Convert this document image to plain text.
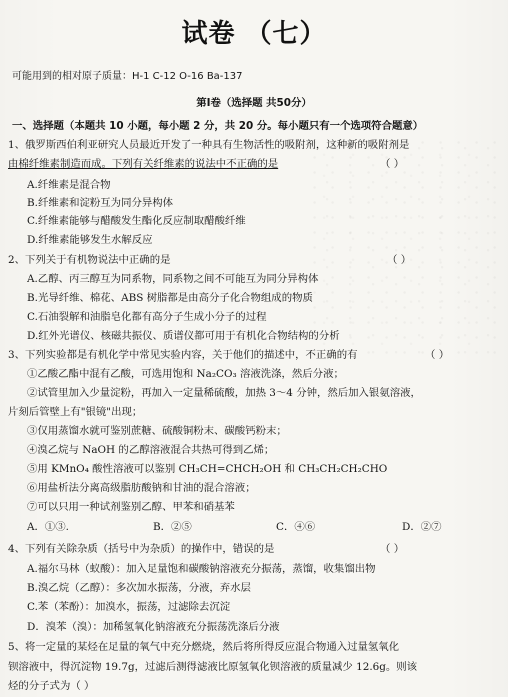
试卷 （七）
可能用到的相对原子质量：H-1 C-12 O-16 Ba-137
第Ⅰ卷（选择题 共50分）
一、选择题（本题共 10 小题，每小题 2 分，共 20 分。每小题只有一个选项符合题意）
1、俄罗斯西伯利亚研究人员最近开发了一种具有生物活性的吸附剂，这种新的吸附剂是
由棉纤维素制造而成。下列有关纤维素的说法中不正确的是	（ ）
A.纤维素是混合物
B.纤维素和淀粉互为同分异构体
C.纤维素能够与醋酸发生酯化反应制取醋酸纤维
D.纤维素能够发生水解反应
2、下列关于有机物说法中正确的是	（ ）
A.乙醇、丙三醇互为同系物，同系物之间不可能互为同分异构体
B.光导纤维、棉花、ABS 树脂都是由高分子化合物组成的物质
C.石油裂解和油脂皂化都有高分子生成小分子的过程
D.红外光谱仪、核磁共振仪、质谱仪都可用于有机化合物结构的分析
3、下列实验都是有机化学中常见实验内容，关于他们的描述中，不正确的有	（ ）
①乙酸乙酯中混有乙酸，可选用饱和 Na₂CO₃ 溶液洗涤，然后分液；
②试管里加入少量淀粉，再加入一定量稀硫酸，加热 3～4 分钟，然后加入银氨溶液，
片刻后管壁上有"银镜"出现；
③仅用蒸馏水就可鉴别蔗糖、硫酸铜粉末、碳酸钙粉末；
④溴乙烷与 NaOH 的乙醇溶液混合共热可得到乙烯；
⑤用 KMnO₄ 酸性溶液可以鉴别 CH₃CH=CHCH₂OH 和 CH₃CH₂CH₂CHO
⑥用盐析法分离高级脂肪酸钠和甘油的混合溶液；
⑦可以只用一种试剂鉴别乙醇、甲苯和硝基苯
A．①③.	B．②⑤	C．④⑥	D．②⑦
4、下列有关除杂质（括号中为杂质）的操作中，错误的是	（ ）
A.福尔马林（蚁酸）：加入足量饱和碳酸钠溶液充分振荡，蒸馏，收集馏出物
B.溴乙烷（乙醇）：多次加水振荡，分液，弃水层
C.苯（苯酚）：加溴水，振荡，过滤除去沉淀
D．溴苯（溴）：加稀氢氧化钠溶液充分振荡洗涤后分液
5、将一定量的某烃在足量的氧气中充分燃烧，然后将所得反应混合物通入过量氢氧化
钡溶液中，得沉淀物 19.7g，过滤后测得滤液比原氢氧化钡溶液的质量减少 12.6g。则该
烃的分子式为（ ）
